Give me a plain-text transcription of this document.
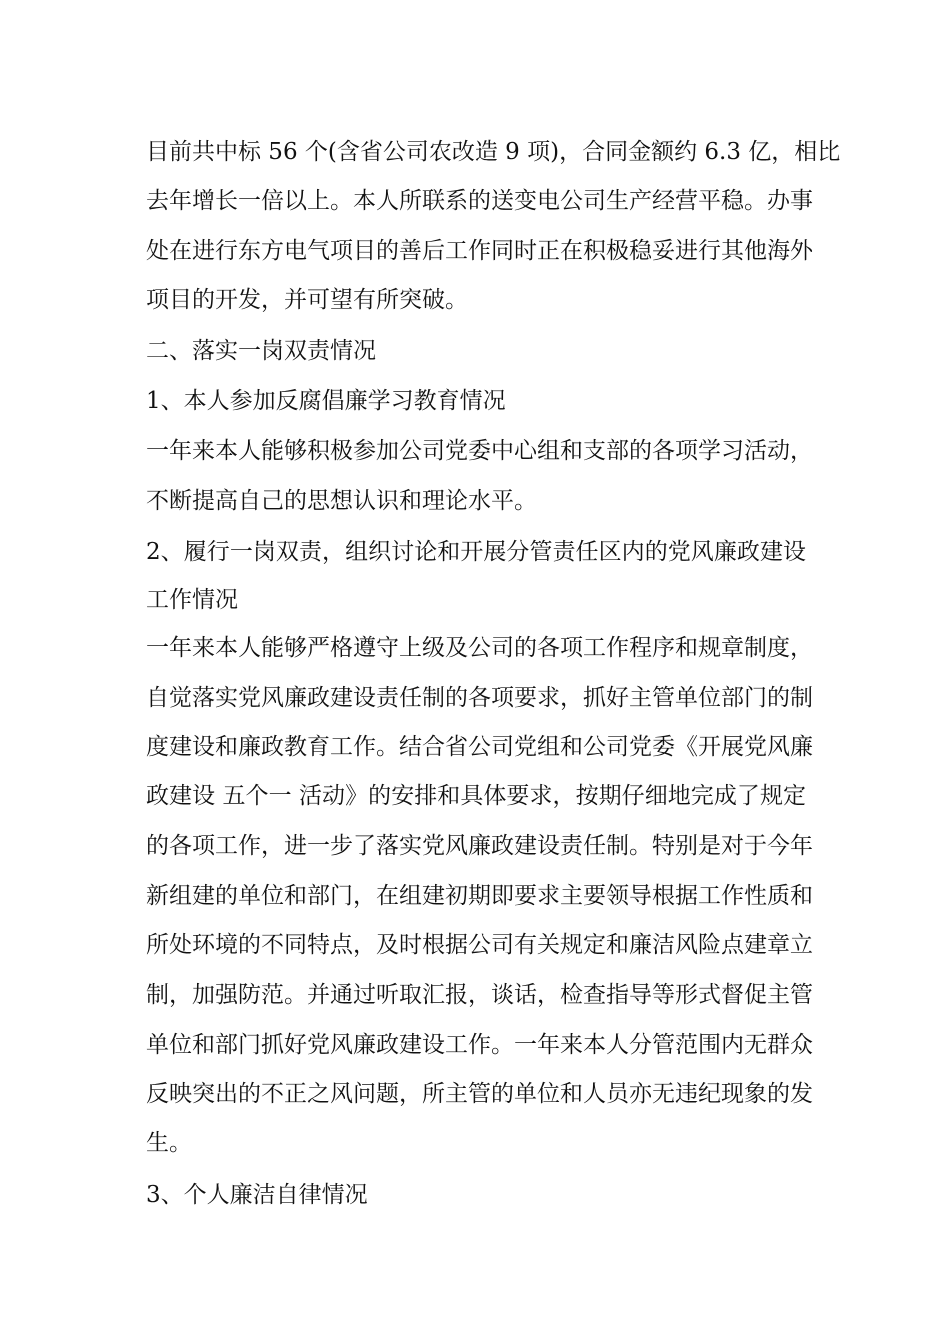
目前共中标 56 个(含省公司农改造 9 项)，合同金额约 6.3 亿，相比
去年增长一倍以上。本人所联系的送变电公司生产经营平稳。办事
处在进行东方电气项目的善后工作同时正在积极稳妥进行其他海外
项目的开发，并可望有所突破。
二、落实一岗双责情况
1、本人参加反腐倡廉学习教育情况
一年来本人能够积极参加公司党委中心组和支部的各项学习活动，
不断提高自己的思想认识和理论水平。
2、履行一岗双责，组织讨论和开展分管责任区内的党风廉政建设
工作情况
一年来本人能够严格遵守上级及公司的各项工作程序和规章制度，
自觉落实党风廉政建设责任制的各项要求，抓好主管单位部门的制
度建设和廉政教育工作。结合省公司党组和公司党委《开展党风廉
政建设 五个一 活动》的安排和具体要求，按期仔细地完成了规定
的各项工作，进一步了落实党风廉政建设责任制。特别是对于今年
新组建的单位和部门，在组建初期即要求主要领导根据工作性质和
所处环境的不同特点，及时根据公司有关规定和廉洁风险点建章立
制，加强防范。并通过听取汇报，谈话，检查指导等形式督促主管
单位和部门抓好党风廉政建设工作。一年来本人分管范围内无群众
反映突出的不正之风问题，所主管的单位和人员亦无违纪现象的发
生。
3、个人廉洁自律情况
